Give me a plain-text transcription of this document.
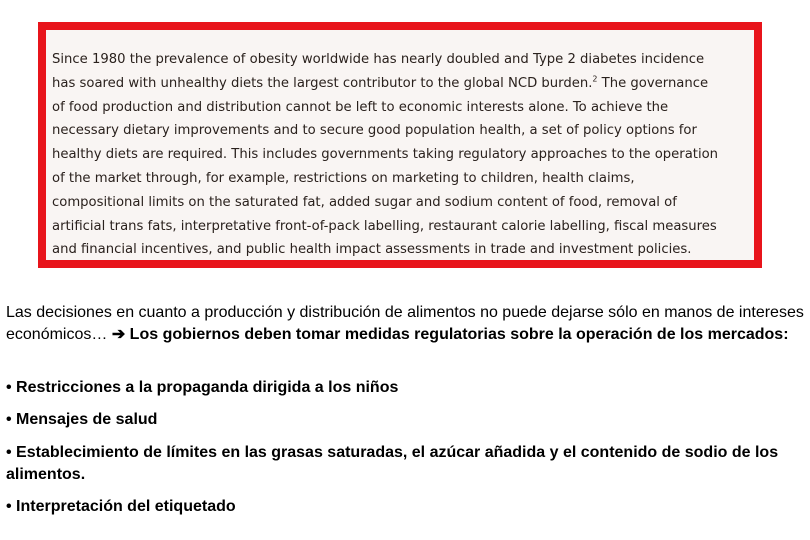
Since 1980 the prevalence of obesity worldwide has nearly doubled and Type 2 diabetes incidence
has soared with unhealthy diets the largest contributor to the global NCD burden.$^2$ The governance
of food production and distribution cannot be left to economic interests alone. To achieve the
necessary dietary improvements and to secure good population health, a set of policy options for
healthy diets are required. This includes governments taking regulatory approaches to the operation
of the market through, for example, restrictions on marketing to children, health claims,
compositional limits on the saturated fat, added sugar and sodium content of food, removal of
artificial trans fats, interpretative front-of-pack labelling, restaurant calorie labelling, fiscal measures
and financial incentives, and public health impact assessments in trade and investment policies.
Las decisiones en cuanto a producción y distribución de alimentos no puede dejarse sólo en manos de intereses económicos… ➔ Los gobiernos deben tomar medidas regulatorias sobre la operación de los mercados:
• Restricciones a la propaganda dirigida a los niños
• Mensajes de salud
• Establecimiento de límites en las grasas saturadas, el azúcar añadida y el contenido de sodio de los alimentos.
• Interpretación del etiquetado
